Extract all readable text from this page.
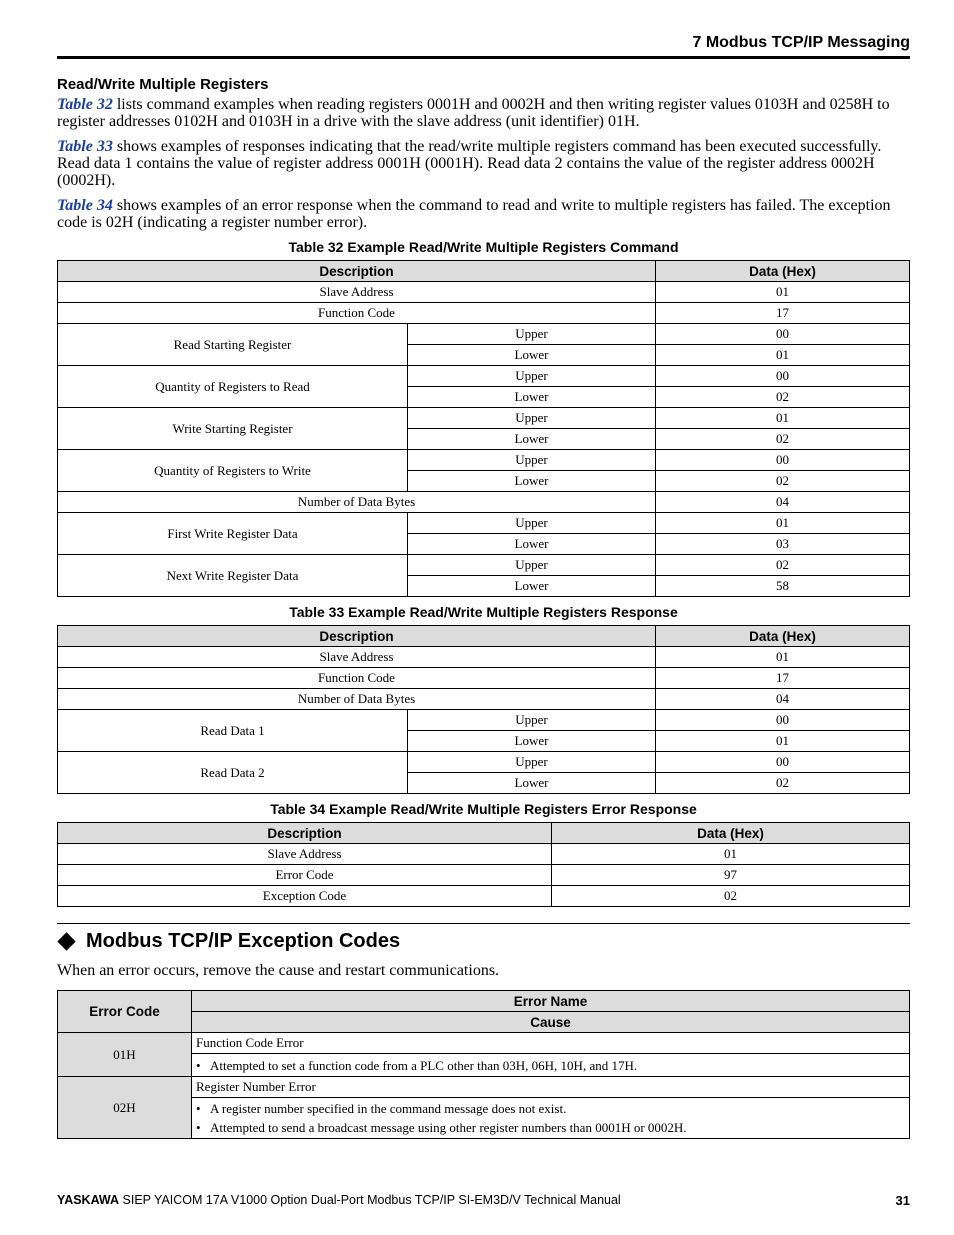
7 Modbus TCP/IP Messaging
Read/Write Multiple Registers

Table 32 lists command examples when reading registers 0001H and 0002H and then writing register values 0103H and 0258H to register addresses 0102H and 0103H in a drive with the slave address (unit identifier) 01H.

Table 33 shows examples of responses indicating that the read/write multiple registers command has been executed successfully. Read data 1 contains the value of register address 0001H (0001H). Read data 2 contains the value of the register address 0002H (0002H).

Table 34 shows examples of an error response when the command to read and write to multiple registers has failed. The exception code is 02H (indicating a register number error).

Table 32 Example Read/Write Multiple Registers Command
Description		Data (Hex)
Slave Address		01
Function Code		17
Read Starting Register	Upper	00
	Lower	01
Quantity of Registers to Read	Upper	00
	Lower	02
Write Starting Register	Upper	01
	Lower	02
Quantity of Registers to Write	Upper	00
	Lower	02
Number of Data Bytes		04
First Write Register Data	Upper	01
	Lower	03
Next Write Register Data	Upper	02
	Lower	58
Table 33 Example Read/Write Multiple Registers Response
Description		Data (Hex)
Slave Address		01
Function Code		17
Number of Data Bytes		04
Read Data 1	Upper	00
	Lower	01
Read Data 2	Upper	00
	Lower	02
Table 34 Example Read/Write Multiple Registers Error Response
Description	Data (Hex)
Slave Address	01
Error Code	97
Exception Code	02
Modbus TCP/IP Exception Codes
When an error occurs, remove the cause and restart communications.
Error Code	Error Name
	Cause
01H	Function Code Error

	• Attempted to set a function code from a PLC other than 03H, 06H, 10H, and 17H.

02H	Register Number Error

	• A register number specified in the command message does not exist.
• Attempted to send a broadcast message using other register numbers than 0001H or 0002H.
YASKAWA SIEP YAICOM 17A V1000 Option Dual-Port Modbus TCP/IP SI-EM3D/V Technical Manual	31
